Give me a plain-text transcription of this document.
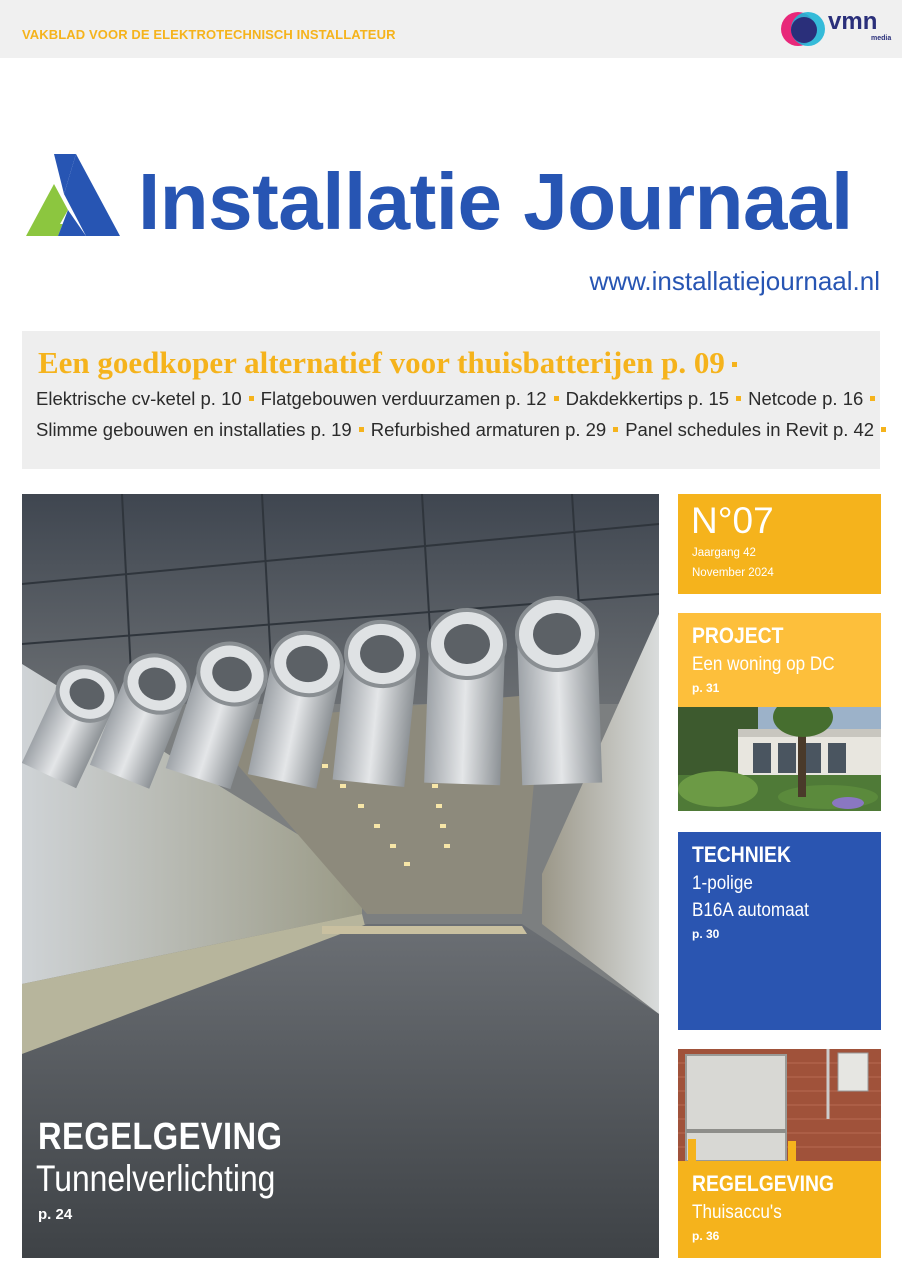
VAKBLAD VOOR DE ELEKTROTECHNISCH INSTALLATEUR	vmn
media
Installatie Journaal
www.installatiejournaal.nl
Een goedkoper alternatief voor thuisbatterijen p. 09
Elektrische cv-ketel p. 10 Flatgebouwen verduurzamen p. 12 Dakdekkertips p. 15 Netcode p. 16
Slimme gebouwen en installaties p. 19 Refurbished armaturen p. 29 Panel schedules in Revit p. 42
REGELGEVING
Tunnelverlichting
p. 24
N°07
Jaargang 42
November 2024
PROJECT
Een woning op DC
p. 31
TECHNIEK
1-polige
B16A automaat
p. 30
REGELGEVING
Thuisaccu's
p. 36
